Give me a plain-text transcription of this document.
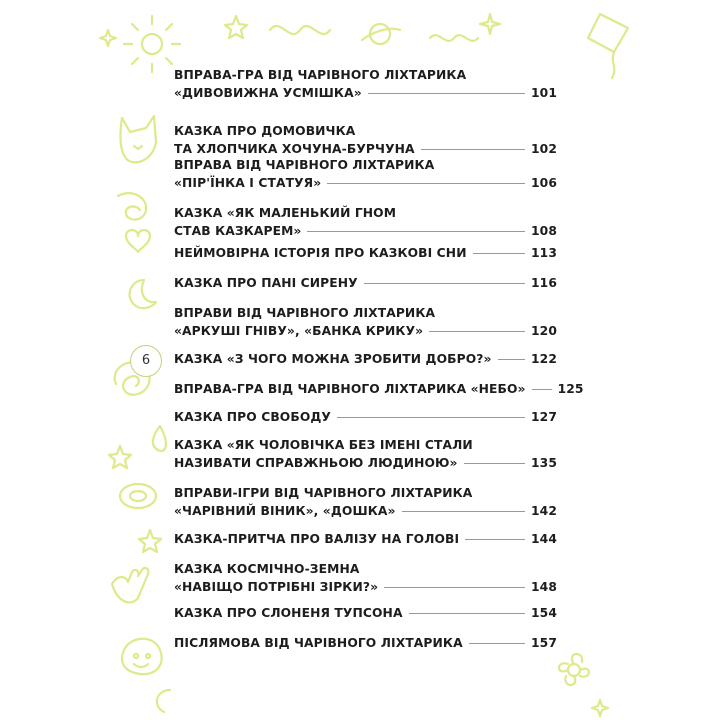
6
ВПРАВА-ГРА ВІД ЧАРІВНОГО ЛІХТАРИКА
«ДИВОВИЖНА УСМІШКА»	101
КАЗКА ПРО ДОМОВИЧКА
ТА ХЛОПЧИКА ХОЧУНА-БУРЧУНА	102
ВПРАВА ВІД ЧАРІВНОГО ЛІХТАРИКА
«ПІР'ЇНКА І СТАТУЯ»	106
КАЗКА «ЯК МАЛЕНЬКИЙ ГНОМ
СТАВ КАЗКАРЕМ»	108
НЕЙМОВІРНА ІСТОРІЯ ПРО КАЗКОВІ СНИ	113
КАЗКА ПРО ПАНІ СИРЕНУ	116
ВПРАВИ ВІД ЧАРІВНОГО ЛІХТАРИКА
«АРКУШІ ГНІВУ», «БАНКА КРИКУ»	120
КАЗКА «З ЧОГО МОЖНА ЗРОБИТИ ДОБРО?»	122
ВПРАВА-ГРА ВІД ЧАРІВНОГО ЛІХТАРИКА «НЕБО»	125
КАЗКА ПРО СВОБОДУ	127
КАЗКА «ЯК ЧОЛОВІЧКА БЕЗ ІМЕНІ СТАЛИ
НАЗИВАТИ СПРАВЖНЬОЮ ЛЮДИНОЮ»	135
ВПРАВИ-ІГРИ ВІД ЧАРІВНОГО ЛІХТАРИКА
«ЧАРІВНИЙ ВІНИК», «ДОШКА»	142
КАЗКА-ПРИТЧА ПРО ВАЛІЗУ НА ГОЛОВІ	144
КАЗКА КОСМІЧНО-ЗЕМНА
«НАВІЩО ПОТРІБНІ ЗІРКИ?»	148
КАЗКА ПРО СЛОНЕНЯ ТУПСОНА	154
ПІСЛЯМОВА ВІД ЧАРІВНОГО ЛІХТАРИКА	157
